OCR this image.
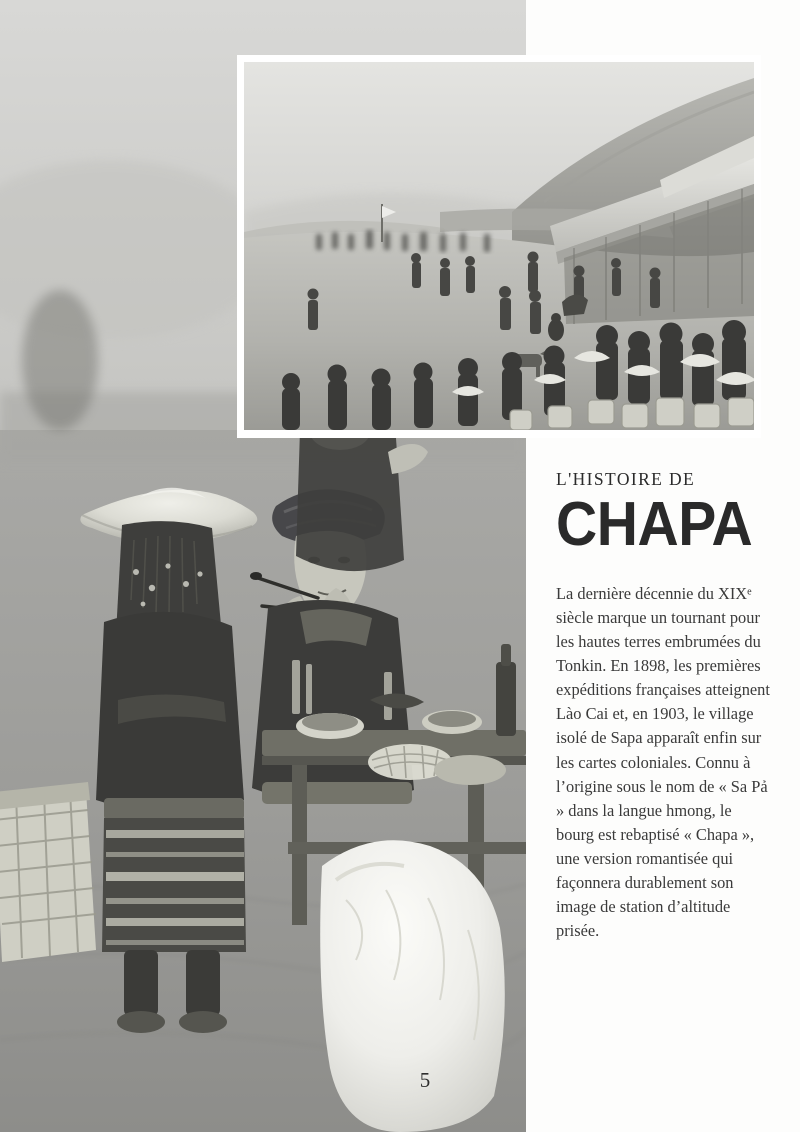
L'HISTOIRE DE
CHAPA

La dernière décennie du XIXe siècle marque un tournant pour les hautes terres embrumées du Tonkin. En 1898, les premières expéditions françaises atteignent Lào Cai et, en 1903, le village isolé de Sapa apparaît enfin sur les cartes coloniales. Connu à l’origine sous le nom de « Sa Pả » dans la langue hmong, le bourg est rebaptisé « Chapa », une version romantisée qui façonnera durablement son image de station d’altitude prisée.

5
